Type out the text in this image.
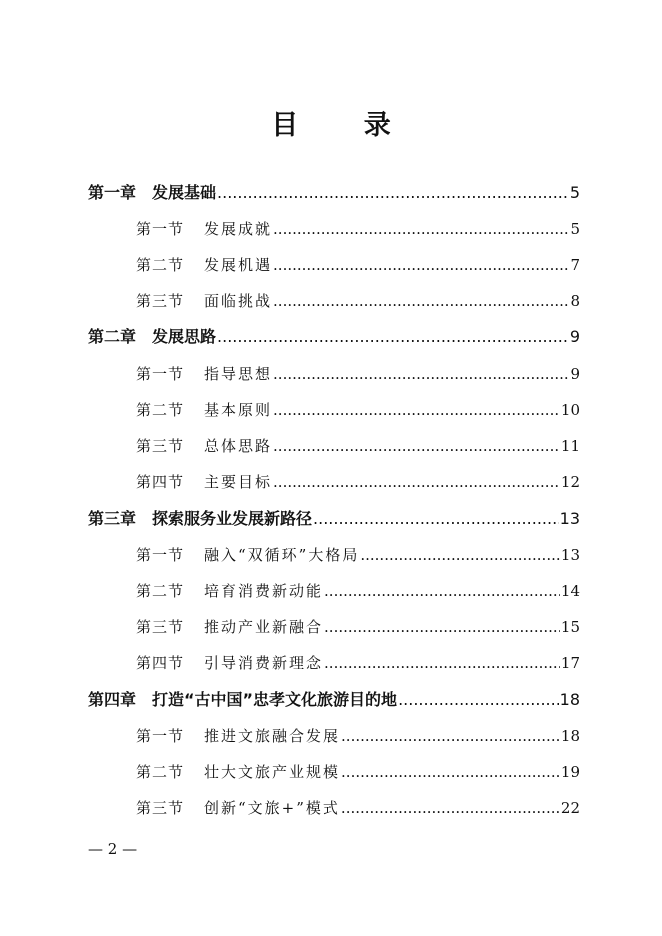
目 录
第一章 发展基础 .....	5
第一节 发展成就 .....	5
第二节 发展机遇 .....	7
第三节 面临挑战 .....	8
第二章 发展思路 .....	9
第一节 指导思想 .....	9
第二节 基本原则 .....	10
第三节 总体思路 .....	11
第四节 主要目标 .....	12
第三章 探索服务业发展新路径 .....	13
第一节 融入“双循环”大格局 .....	13
第二节 培育消费新动能 .....	14
第三节 推动产业新融合 .....	15
第四节 引导消费新理念 .....	17
第四章 打造“古中国”忠孝文化旅游目的地 .....	18
第一节 推进文旅融合发展 .....	18
第二节 壮大文旅产业规模 .....	19
第三节 创新“文旅+”模式 .....	22
— 2 —
